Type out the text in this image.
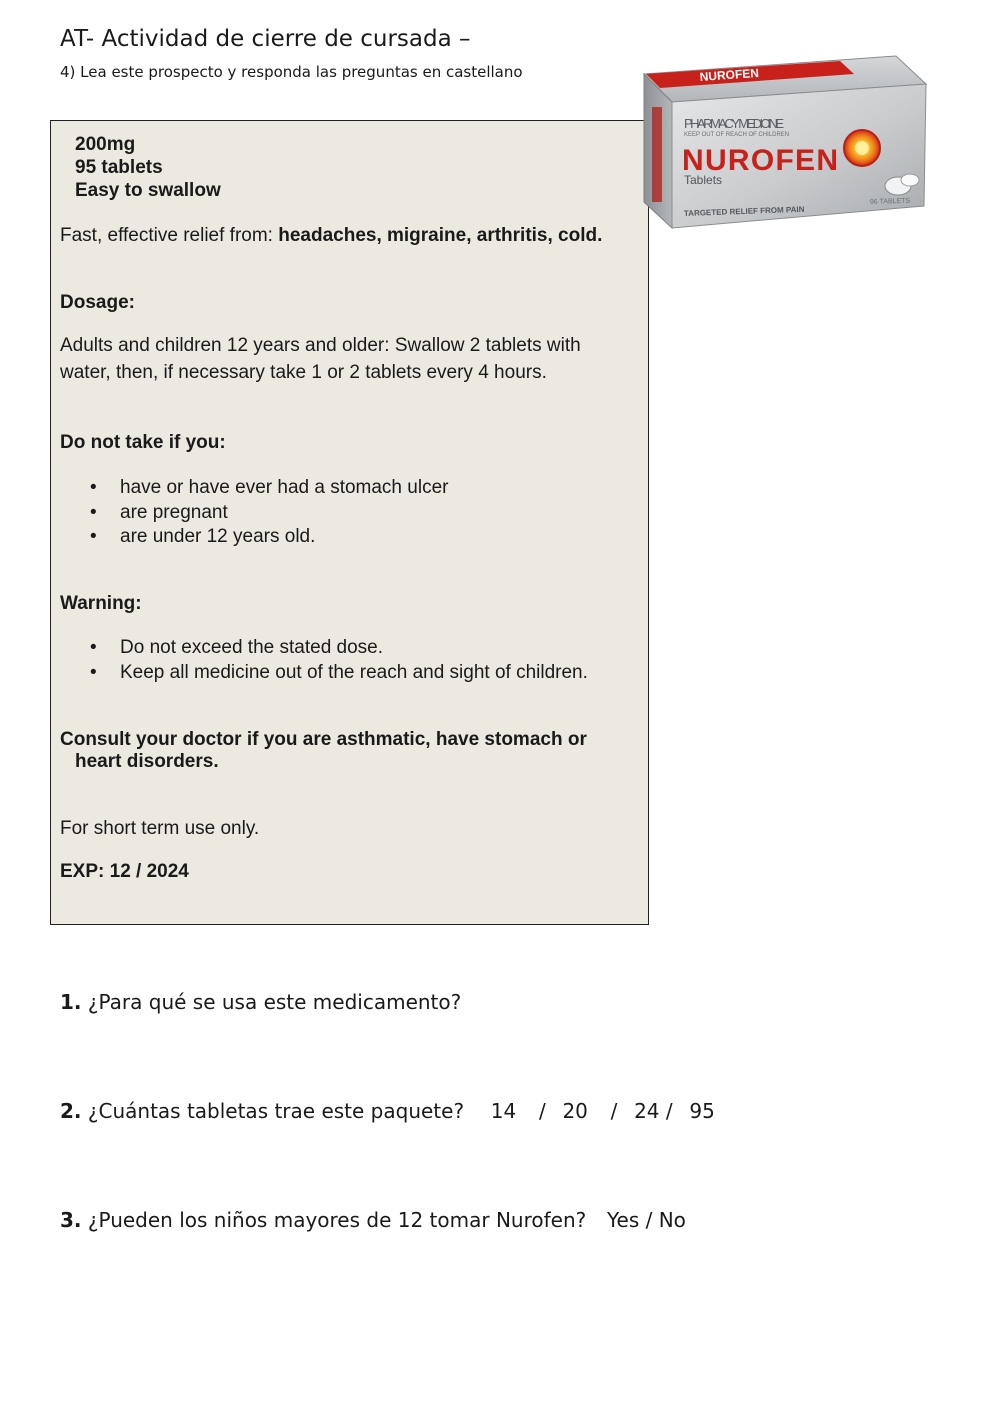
AT- Actividad de cierre de cursada –
4) Lea este prospecto y responda las preguntas en castellano
200mg
95 tablets
Easy to swallow
Fast, effective relief from: headaches, migraine, arthritis, cold.
Dosage:
Adults and children 12 years and older: Swallow 2 tablets with
water, then, if necessary take 1 or 2 tablets every 4 hours.
Do not take if you:
• have or have ever had a stomach ulcer
• are pregnant
• are under 12 years old.
Warning:
• Do not exceed the stated dose.
• Keep all medicine out of the reach and sight of children.
Consult your doctor if you are asthmatic, have stomach or
heart disorders.
For short term use only.
EXP: 12 / 2024
NUROFEN
PHARMACY MEDICINE
KEEP OUT OF REACH OF CHILDREN
NUROFEN
Tablets
TARGETED RELIEF FROM PAIN
96 TABLETS
1. ¿Para qué se usa este medicamento?
2. ¿Cuántas tabletas trae este paquete? 14 / 20 / 24 / 95
3. ¿Pueden los niños mayores de 12 tomar Nurofen? Yes / No
